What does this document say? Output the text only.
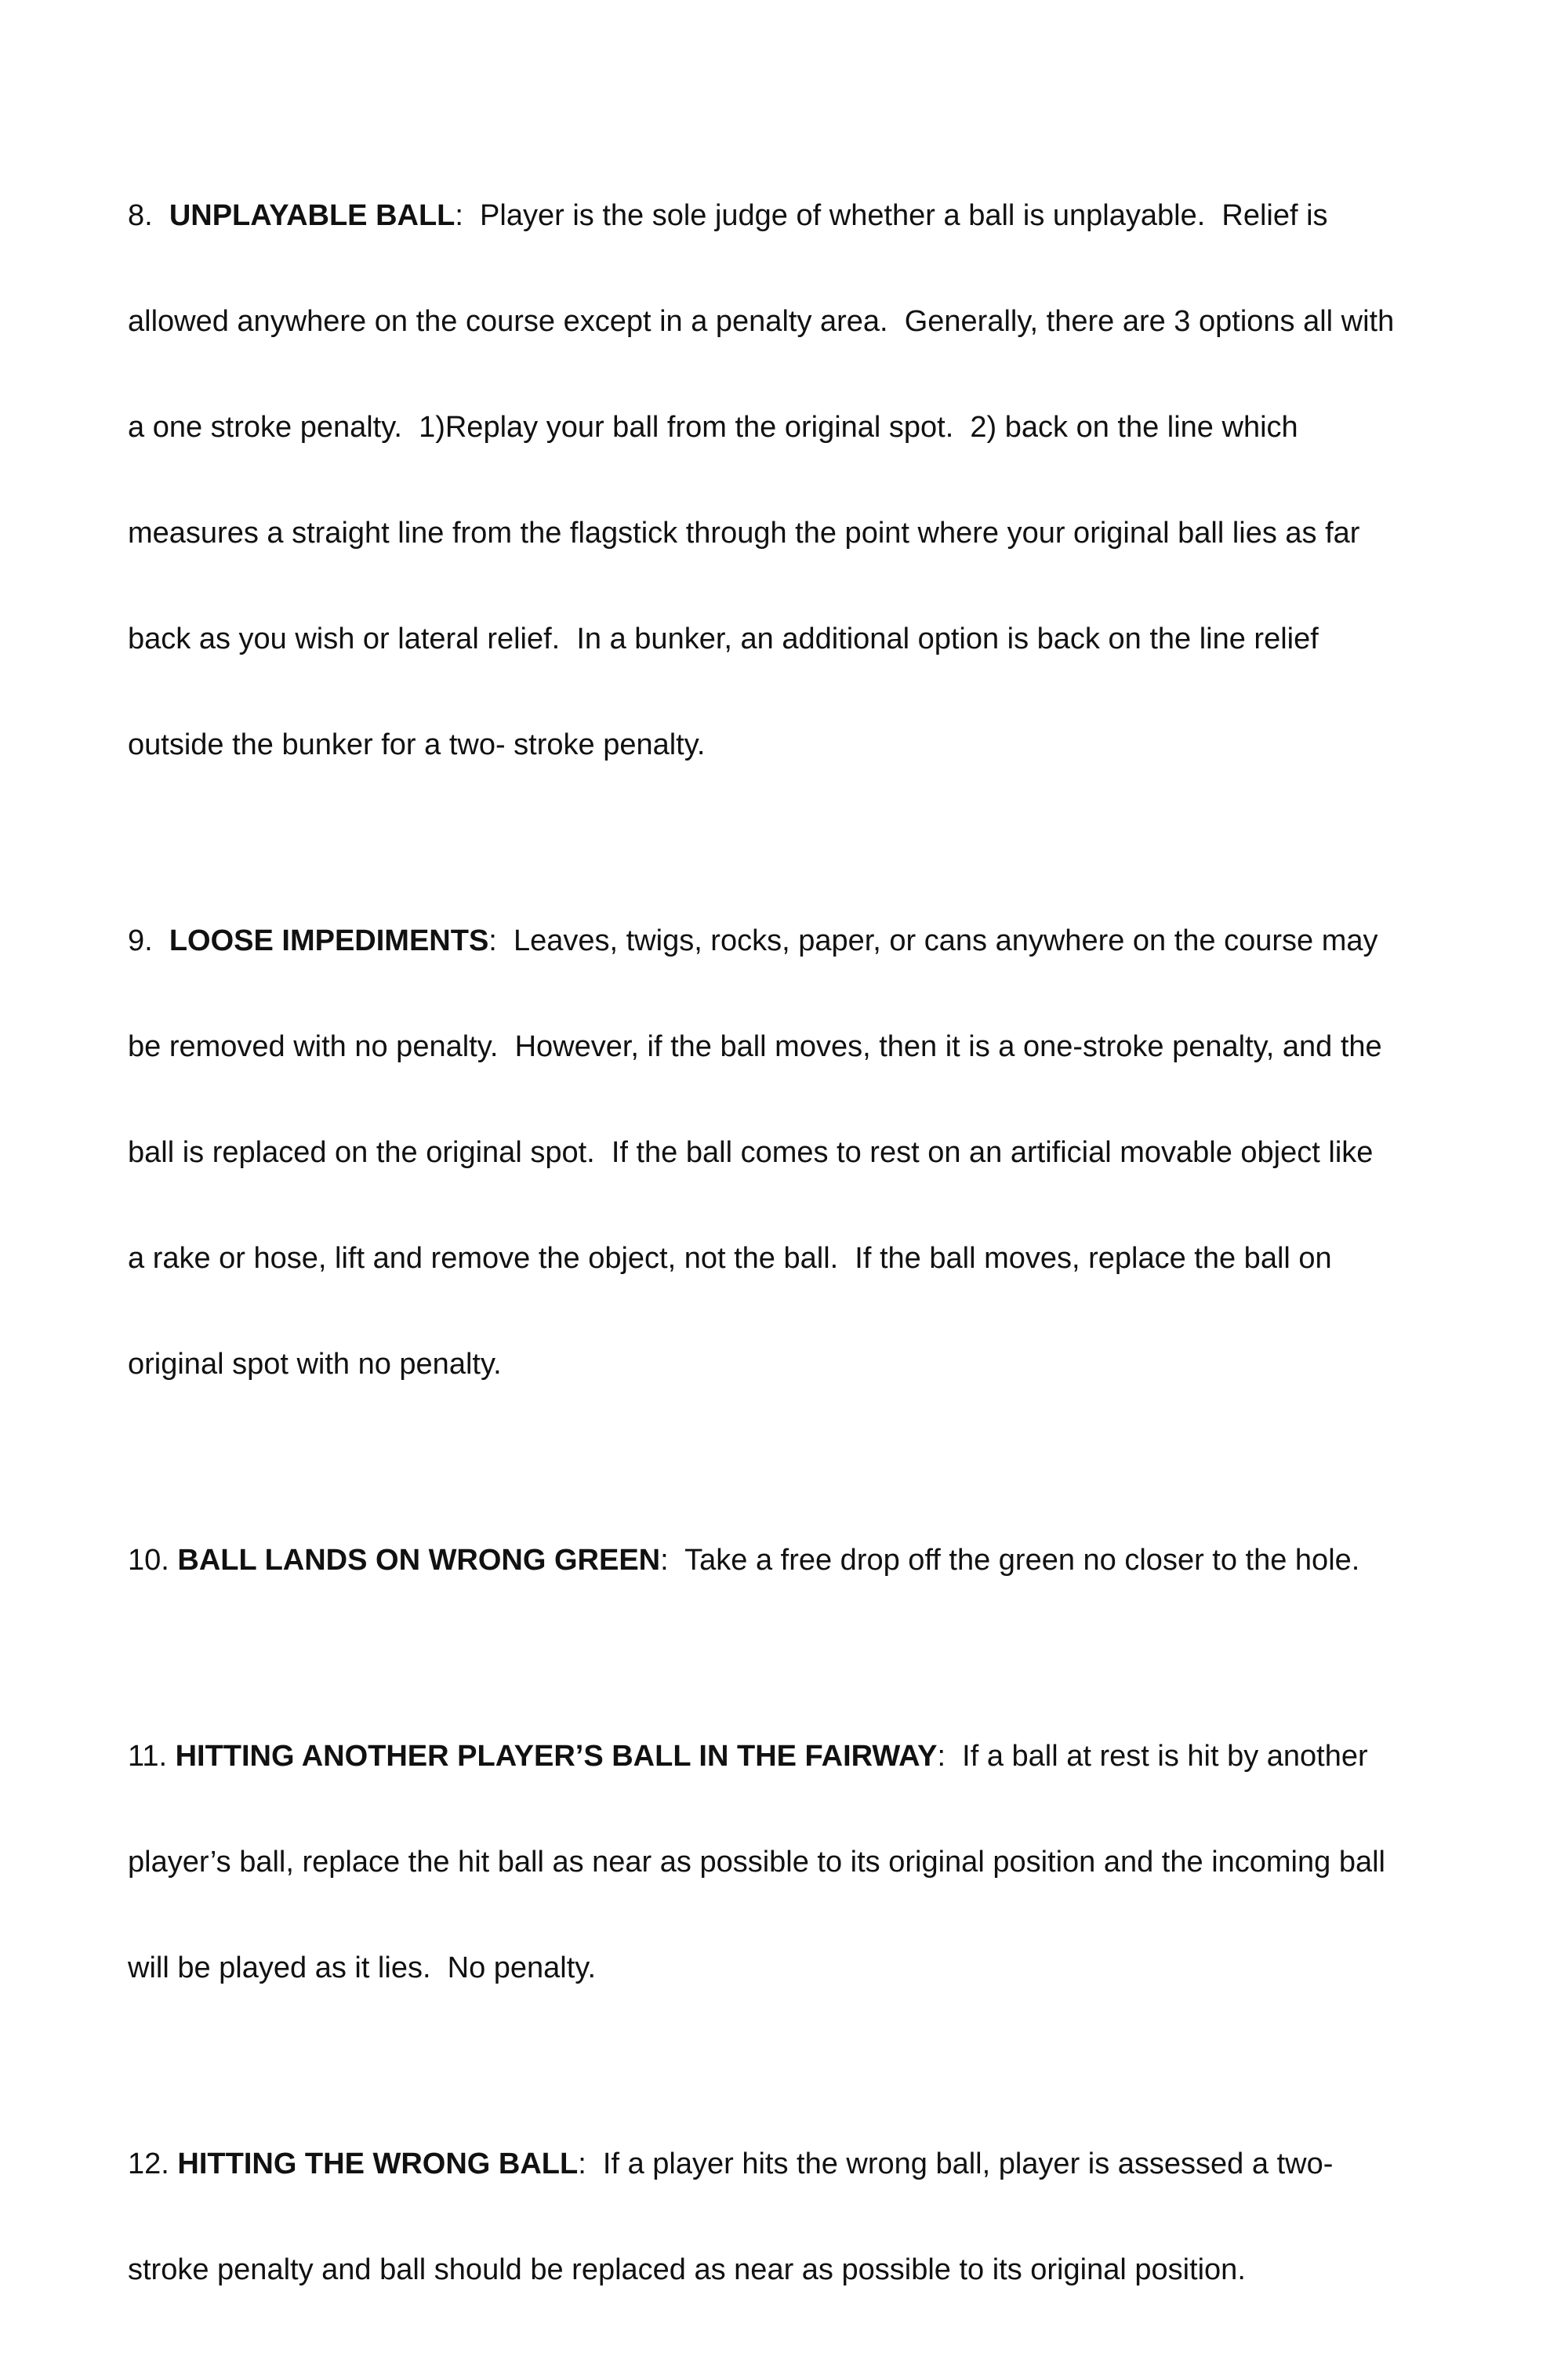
8.  UNPLAYABLE BALL:  Player is the sole judge of whether a ball is unplayable.  Relief is

allowed anywhere on the course except in a penalty area.  Generally, there are 3 options all with

a one stroke penalty.  1)Replay your ball from the original spot.  2) back on the line which

measures a straight line from the flagstick through the point where your original ball lies as far

back as you wish or lateral relief.  In a bunker, an additional option is back on the line relief

outside the bunker for a two- stroke penalty.

9.  LOOSE IMPEDIMENTS:  Leaves, twigs, rocks, paper, or cans anywhere on the course may

be removed with no penalty.  However, if the ball moves, then it is a one-stroke penalty, and the

ball is replaced on the original spot.  If the ball comes to rest on an artificial movable object like

a rake or hose, lift and remove the object, not the ball.  If the ball moves, replace the ball on

original spot with no penalty.

10. BALL LANDS ON WRONG GREEN:  Take a free drop off the green no closer to the hole.

11. HITTING ANOTHER PLAYER’S BALL IN THE FAIRWAY:  If a ball at rest is hit by another

player’s ball, replace the hit ball as near as possible to its original position and the incoming ball

will be played as it lies.  No penalty.

12. HITTING THE WRONG BALL:  If a player hits the wrong ball, player is assessed a two-

stroke penalty and ball should be replaced as near as possible to its original position.
